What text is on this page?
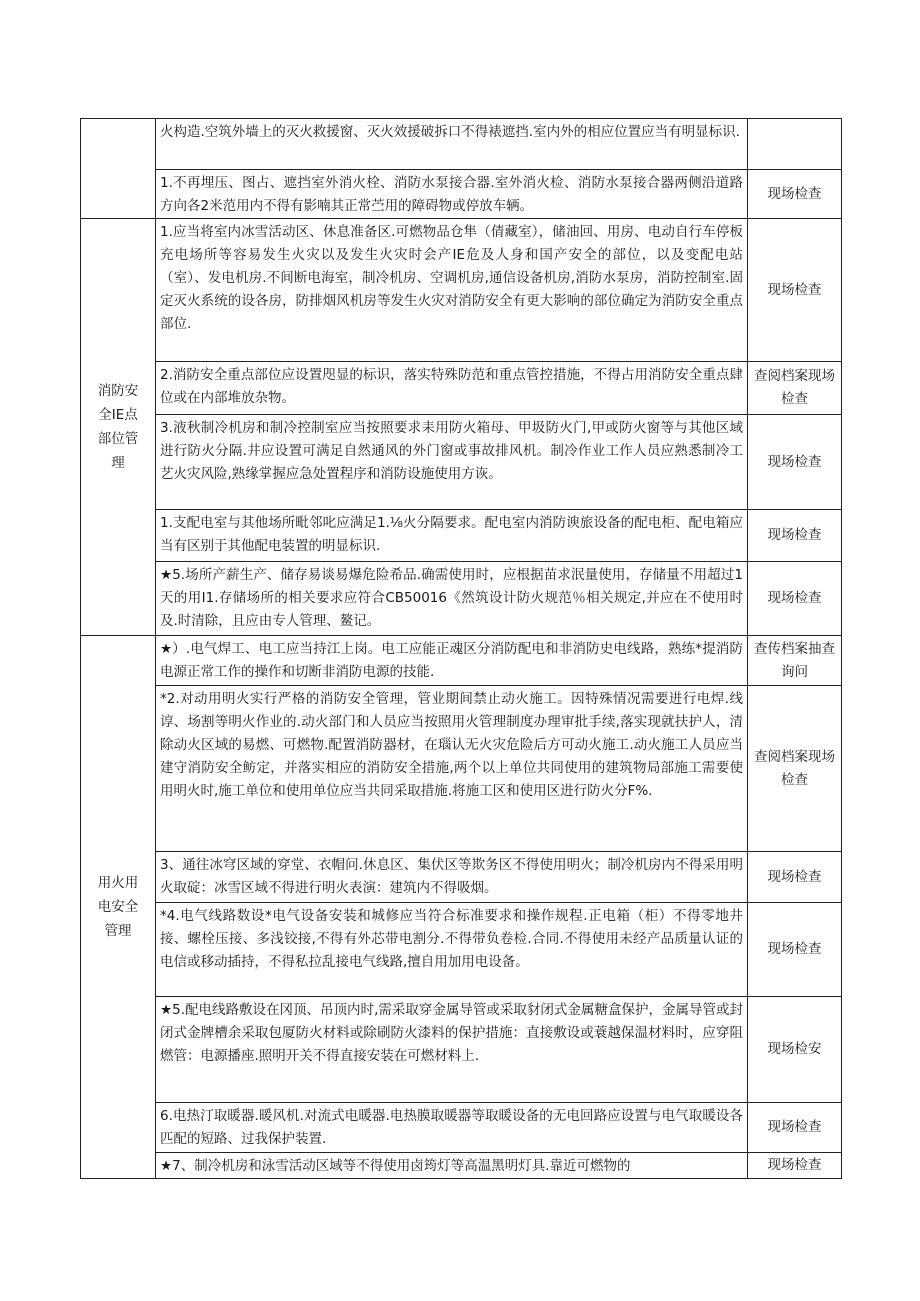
	火构造.空筑外墙上的灭火救援窗、灭火效援破拆口不得裱遮挡.室内外的相应位置应当有明显标识.	

	1.不再埋压、图占、遮挡室外消火栓、消防水泵接合器.室外消火检、消防水泵接合器两侧沿道路方向各2米范用内不得有影喃其正常苎用的障碍物或停放车辆。	现场检查
消防安全IE点部位管理	1.应当将室内冰雪活动区、休息准备区.可燃物品仓隼（倩藏室），储油回、用房、电动自行车停板充电场所等容易发生火灾以及发生火灾时会产IE危及人身和国产安全的部位，以及变配电站（室）、发电机房.不间断电海室，制冷机房、空调机房,通信设备机房,消防水泵房，消防控制室.固定灭火系统的设各房，防排烟风机房等发生火灾对消防安全有更大影响的部位确定为消防安全重点部位.	现场检查

	2.消防安全重点部位应设置咫显的标识，落实特殊防范和重点管控措施，不得占用消防安全重点肆位或在内部堆放杂物。	查阅档案现场检查

	3.液秋制冷机房和制冷控制室应当按照要求耒用防火箱母、甲圾防火门,甲或防火窗等与其他区域进行防火分隔.井应设置可满足自然通风的外门窗或事故排风机。制冷作业工作人员应熟悉制冷工艺火灾风险,熟缘掌握应急处置程序和消防设施使用方诙。	现场检查

	1.支配电室与其他场所毗邻叱应满足1.⅛火分隔要求。配电室内消防谀旅设备的配电柜、配电箱应当有区别于其他配电装置的明显标识.	现场检查

	★5.场所产薪生产、储存易谈易爆危险希品.确需使用时，应根据苗求泯量使用，存储量不用超过1天的用I1.存储场所的相关要求应符合CB50016《然筑设计防火规范％相关规定,并应在不使用时及.时清除，且应由专人管理、鳌记。	现场检查
用火用电安全管理	★）.电气焊工、电工应当持江上岗。电工应能正魂区分消防配电和非消防史电线路，熟练*提消防电源正常工作的操作和切断非消防电源的技能.	查传档案抽查询问

	*2.对动用明火实行严格的消防安全管理，管业期间禁止动火施工。因特殊情况需要进行电焊.线谆、场割等明火作业的.动火部门和人员应当按照用火管理制度办理审批手续,落实现就扶护人，清除动火区域的易燃、可燃物.配置消防器材，在瑙认无火灾危险后方可动火施工.动火施工人员应当建守消防安全鲂定，并落实相应的消防安全措施,两个以上单位共同使用的建筑物局部施工需要使用明火时,施工单位和使用单位应当共同采取措施.将施工区和使用区进行防火分F%.	查阅档案现场检查

	3、通往冰穹区域的穿堂、衣帽问.休息区、集伏区等欺务区不得使用明火；制冷机房内不得采用明火取碇：冰雪区域不得进行明火表演：建筑内不得吸烟。	现场检查

	*4.电气线路数设*电气设备安装和城修应当符合标准要求和操作规程.正电箱（柜）不得零地井接、螺栓压接、多浅铰接,不得有外芯带电割分.不得带负卷检.合同.不得使用未经产品质量认证的电信或移动插持，不得私拉乱接电气线路,擅自用加用电设备。	现场检查

	★5.配电线路敷设在冈顶、吊顶内时,需采取穿金属导管或采取豺闭式金属糖盒保护，金属导管或封闭式金牌槽余采取包厦防火材料或除刷防火漆料的保护措施：直接敷设或蓑越保温材料时，应穿阻燃管：电源播座.照明开关不得直接安装在可燃材料上.	现场检安

	6.电热汀取暖器.暖风机.对流式电暖器.电热膜取暖器等取暖设备的无电回路应设置与电气取暖设各匹配的短路、过我保护装置.	现场检查

	★7、制冷机房和泳雪活动区域等不得使用卤筠灯等高温黑明灯具.靠近可燃物的	现场检查
